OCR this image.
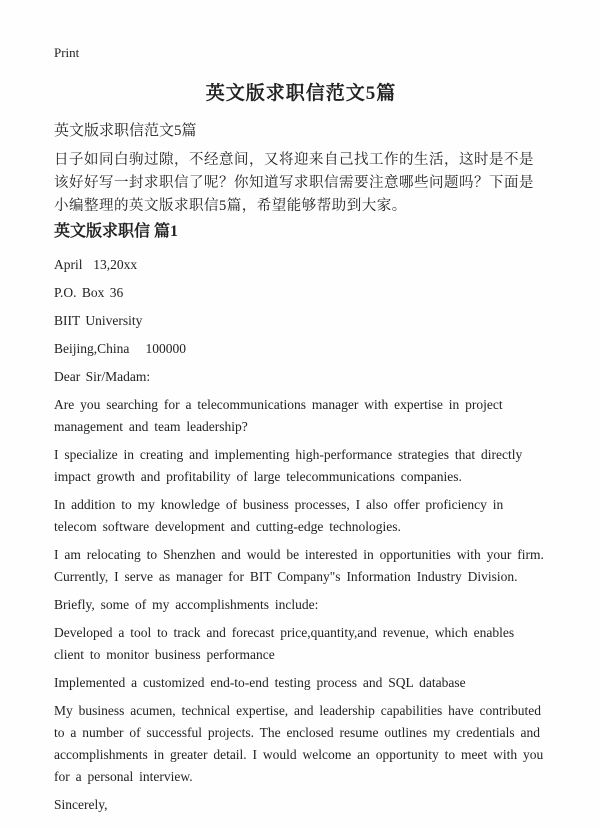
Print
英文版求职信范文5篇

英文版求职信范文5篇

日子如同白驹过隙，不经意间，又将迎来自己找工作的生活，这时是不是该好好写一封求职信了呢？你知道写求职信需要注意哪些问题吗？下面是小编整理的英文版求职信5篇，希望能够帮助到大家。

英文版求职信 篇1

April  13,20xx

P.O. Box 36

BIIT University

Beijing,China   100000

Dear Sir/Madam:

Are you searching for a telecommunications manager with expertise in project management and team leadership?

I specialize in creating and implementing high-performance strategies that directly impact growth and profitability of large telecommunications companies.

In addition to my knowledge of business processes, I also offer proficiency in telecom software development and cutting-edge technologies.

I am relocating to Shenzhen and would be interested in opportunities with your firm. Currently, I serve as manager for BIT Company"s Information Industry Division.

Briefly, some of my accomplishments include:

Developed a tool to track and forecast price,quantity,and revenue, which enables client to monitor business performance

Implemented a customized end-to-end testing process and SQL database

My business acumen, technical expertise, and leadership capabilities have contributed to a number of successful projects. The enclosed resume outlines my credentials and accomplishments in greater detail. I would welcome an opportunity to meet with you for a personal interview.

Sincerely,
